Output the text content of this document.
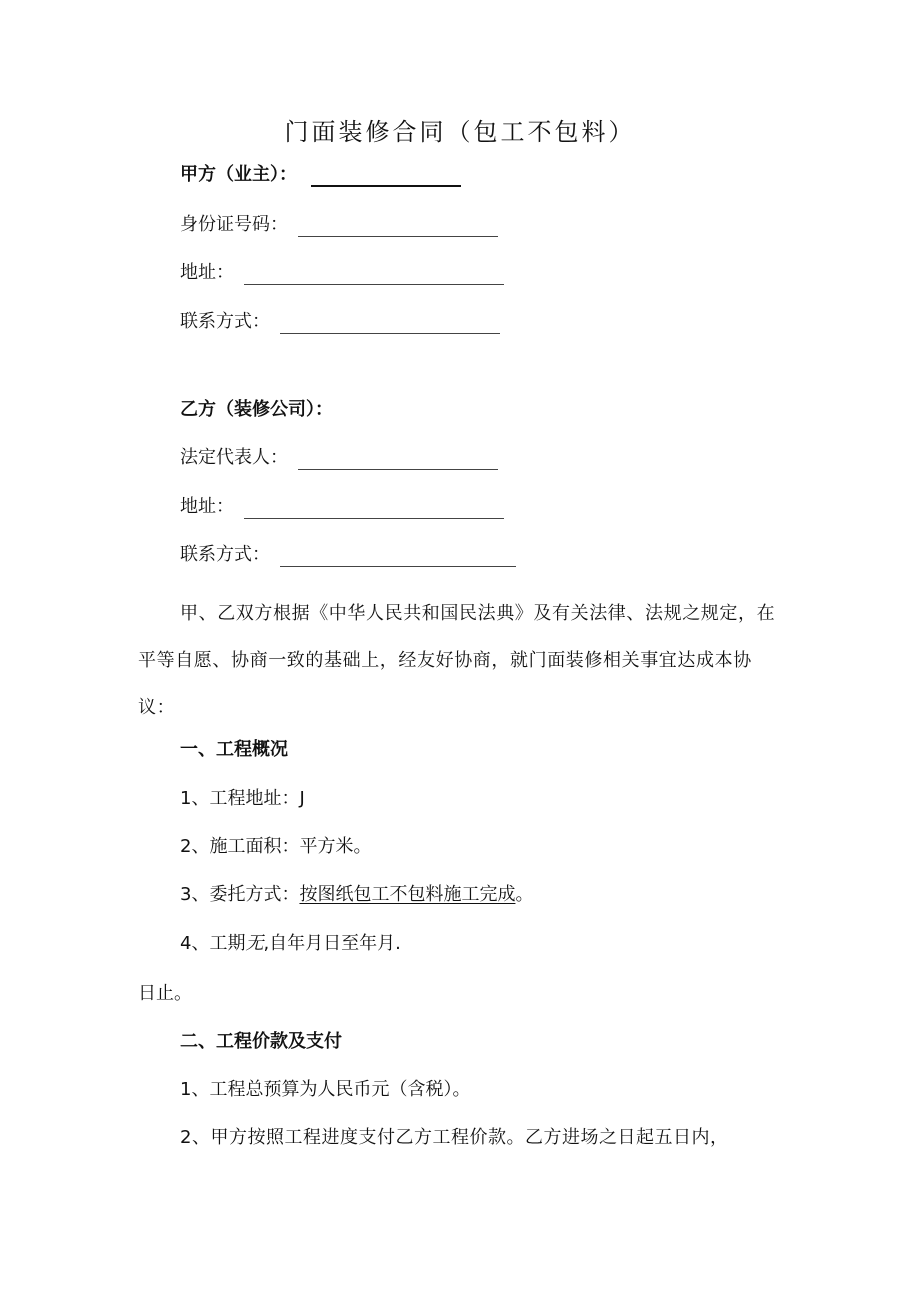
门面装修合同（包工不包料）
甲方（业主）：
身份证号码：
地址：
联系方式：
乙方（装修公司）：
法定代表人：
地址：
联系方式：
甲、乙双方根据《中华人民共和国民法典》及有关法律、法规之规定，在平等自愿、协商一致的基础上，经友好协商，就门面装修相关事宜达成本协议：
一、工程概况
1、工程地址：J
2、施工面积：平方米。
3、委托方式：按图纸包工不包料施工完成。
4、工期无,自年月日至年月.
日止。
二、工程价款及支付
1、工程总预算为人民币元（含税）。
2、甲方按照工程进度支付乙方工程价款。乙方进场之日起五日内，
